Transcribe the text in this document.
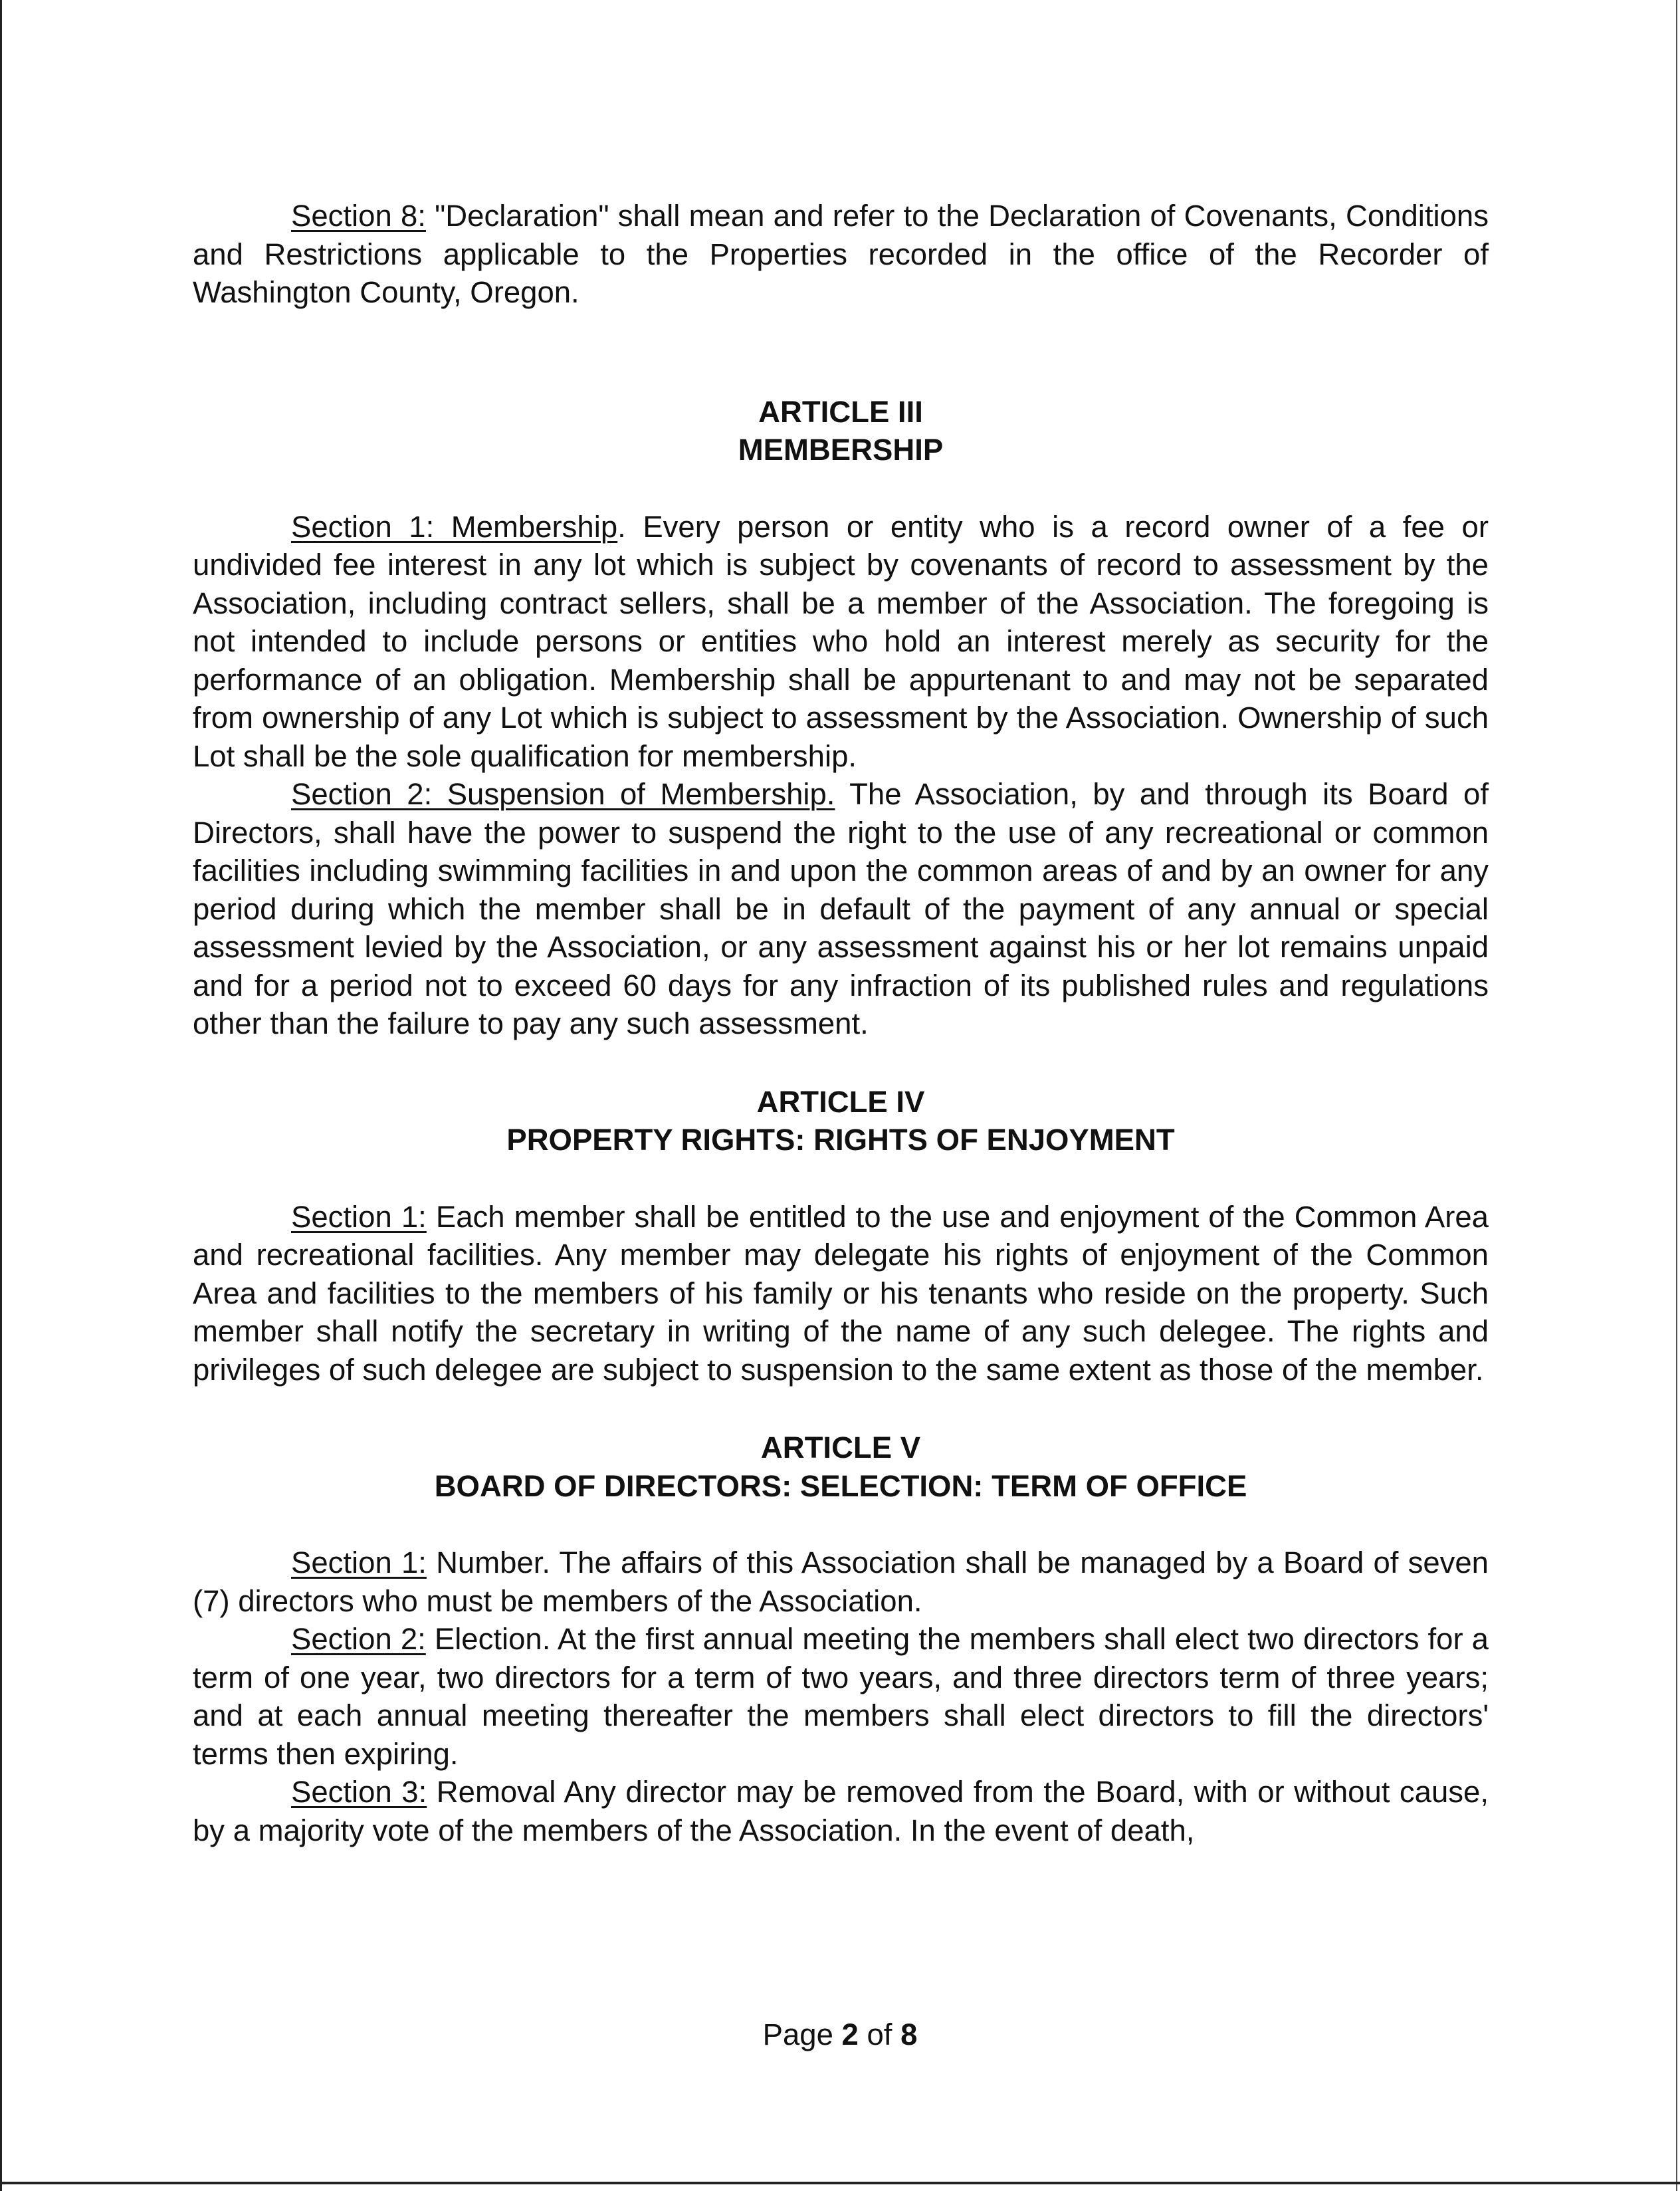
Section 8: "Declaration" shall mean and refer to the Declaration of Covenants, Conditions and Restrictions applicable to the Properties recorded in the office of the Recorder of Washington County, Oregon.

ARTICLE III

MEMBERSHIP

Section 1: Membership. Every person or entity who is a record owner of a fee or undivided fee interest in any lot which is subject by covenants of record to assessment by the Association, including contract sellers, shall be a member of the Association. The foregoing is not intended to include persons or entities who hold an interest merely as security for the performance of an obligation. Membership shall be appurtenant to and may not be separated from ownership of any Lot which is subject to assessment by the Association. Ownership of such Lot shall be the sole qualification for membership.

Section 2: Suspension of Membership. The Association, by and through its Board of Directors, shall have the power to suspend the right to the use of any recreational or common facilities including swimming facilities in and upon the common areas of and by an owner for any period during which the member shall be in default of the payment of any annual or special assessment levied by the Association, or any assessment against his or her lot remains unpaid and for a period not to exceed 60 days for any infraction of its published rules and regulations other than the failure to pay any such assessment.

ARTICLE IV

PROPERTY RIGHTS: RIGHTS OF ENJOYMENT

Section 1: Each member shall be entitled to the use and enjoyment of the Common Area and recreational facilities. Any member may delegate his rights of enjoyment of the Common Area and facilities to the members of his family or his tenants who reside on the property. Such member shall notify the secretary in writing of the name of any such delegee. The rights and privileges of such delegee are subject to suspension to the same extent as those of the member.

ARTICLE V

BOARD OF DIRECTORS: SELECTION: TERM OF OFFICE

Section 1: Number. The affairs of this Association shall be managed by a Board of seven (7) directors who must be members of the Association.

Section 2: Election. At the first annual meeting the members shall elect two directors for a term of one year, two directors for a term of two years, and three directors term of three years; and at each annual meeting thereafter the members shall elect directors to fill the directors' terms then expiring.

Section 3: Removal Any director may be removed from the Board, with or without cause, by a majority vote of the members of the Association. In the event of death,

Page 2 of 8
